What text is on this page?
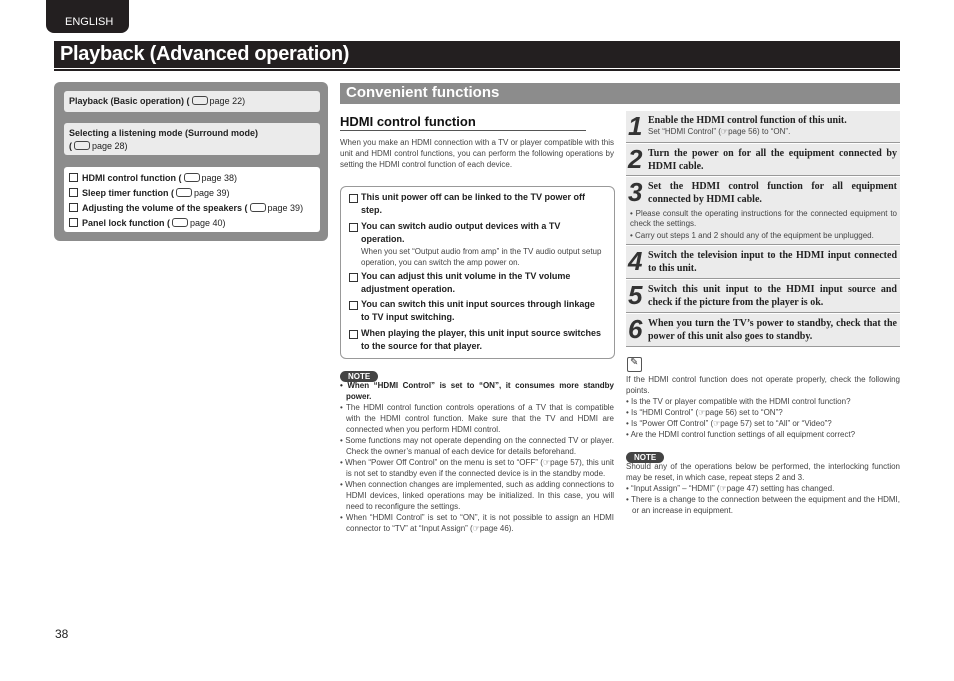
ENGLISH
Playback (Advanced operation)
Playback (Basic operation) ( page 22)
Selecting a listening mode (Surround mode)
( page 28)
HDMI control function ( page 38)
Sleep timer function ( page 39)
Adjusting the volume of the speakers ( page 39)
Panel lock function ( page 40)
Convenient functions
HDMI control function
When you make an HDMI connection with a TV or player compatible with this unit and HDMI control functions, you can perform the following operations by setting the HDMI control function of each device.
This unit power off can be linked to the TV power off step.
You can switch audio output devices with a TV operation.
When you set “Output audio from amp” in the TV audio output setup operation, you can switch the amp power on.
You can adjust this unit volume in the TV volume adjustment operation.
You can switch this unit input sources through linkage to TV input switching.
When playing the player, this unit input source switches to the source for that player.
NOTE
• When “HDMI Control” is set to “ON”, it consumes more standby power.
• The HDMI control function controls operations of a TV that is compatible with the HDMI control function. Make sure that the TV and HDMI are connected when you perform HDMI control.
• Some functions may not operate depending on the connected TV or player. Check the owner’s manual of each device for details beforehand.
• When “Power Off Control” on the menu is set to “OFF” (☞page 57), this unit is not set to standby even if the connected device is in the standby mode.
• When connection changes are implemented, such as adding connections to HDMI devices, linked operations may be initialized. In this case, you will need to reconfigure the settings.
• When “HDMI Control” is set to “ON”, it is not possible to assign an HDMI connector to “TV” at “Input Assign” (☞page 46).
1 Enable the HDMI control function of this unit.
Set “HDMI Control” (☞page 56) to “ON”.
2 Turn the power on for all the equipment connected by HDMI cable.
3 Set the HDMI control function for all equipment connected by HDMI cable.
• Please consult the operating instructions for the connected equipment to check the settings.
• Carry out steps 1 and 2 should any of the equipment be unplugged.
4 Switch the television input to the HDMI input connected to this unit.
5 Switch this unit input to the HDMI input source and check if the picture from the player is ok.
6 When you turn the TV’s power to standby, check that the power of this unit also goes to standby.
✎
If the HDMI control function does not operate properly, check the following points.
• Is the TV or player compatible with the HDMI control function?
• Is “HDMI Control” (☞page 56) set to “ON”?
• Is “Power Off Control” (☞page 57) set to “All” or “Video”?
• Are the HDMI control function settings of all equipment correct?
NOTE
Should any of the operations below be performed, the interlocking function may be reset, in which case, repeat steps 2 and 3.
• “Input Assign” – “HDMI” (☞page 47) setting has changed.
• There is a change to the connection between the equipment and the HDMI, or an increase in equipment.
38
